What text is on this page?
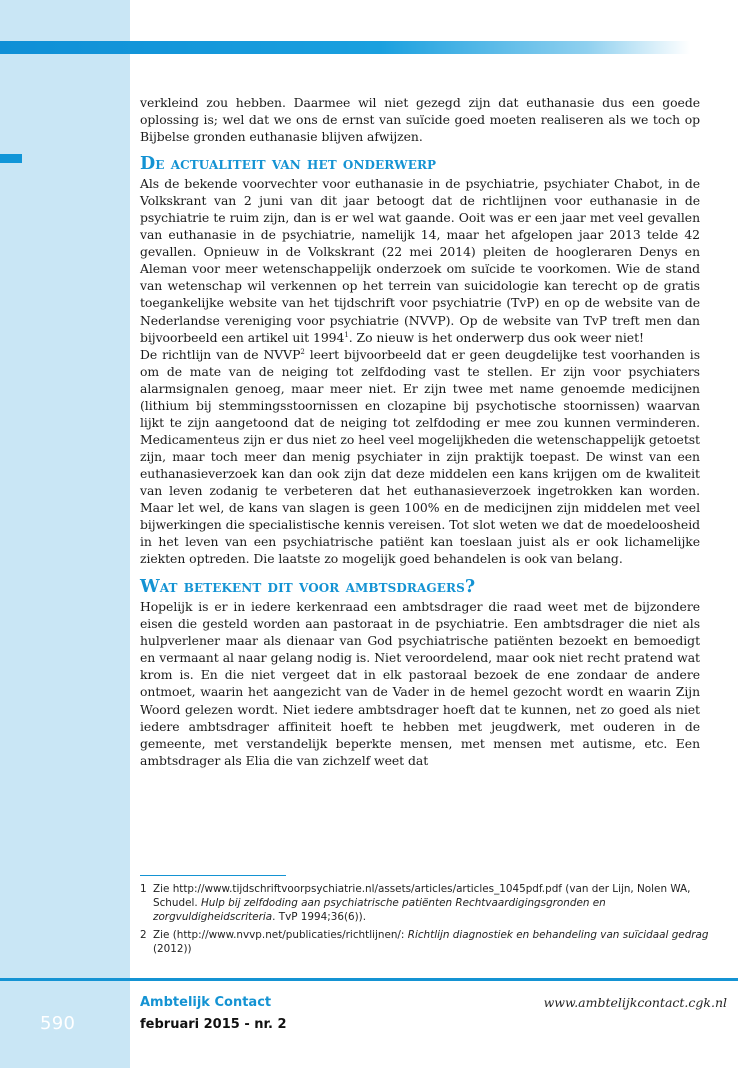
verkleind zou hebben. Daarmee wil niet gezegd zijn dat euthanasie dus een goede oplossing is; wel dat we ons de ernst van suïcide goed moeten realiseren als we toch op Bijbelse gronden euthanasie blijven afwijzen.

De actualiteit van het onderwerp

Als de bekende voorvechter voor euthanasie in de psychiatrie, psychiater Chabot, in de Volkskrant van 2 juni van dit jaar betoogt dat de richtlijnen voor euthanasie in de psychiatrie te ruim zijn, dan is er wel wat gaande. Ooit was er een jaar met veel gevallen van euthanasie in de psychiatrie, namelijk 14, maar het afgelopen jaar 2013 telde 42 gevallen. Opnieuw in de Volkskrant (22 mei 2014) pleiten de hoogleraren Denys en Aleman voor meer wetenschappelijk onderzoek om suïcide te voorkomen. Wie de stand van wetenschap wil verkennen op het terrein van suicidologie kan terecht op de gratis toegankelijke website van het tijdschrift voor psychiatrie (TvP) en op de website van de Nederlandse vereniging voor psychiatrie (NVVP). Op de website van TvP treft men dan bijvoorbeeld een artikel uit 1994$^1$. Zo nieuw is het onderwerp dus ook weer niet!

De richtlijn van de NVVP$^2$ leert bijvoorbeeld dat er geen deugdelijke test voorhanden is om de mate van de neiging tot zelfdoding vast te stellen. Er zijn voor psychiaters alarmsignalen genoeg, maar meer niet. Er zijn twee met name genoemde medicijnen (lithium bij stemmingsstoornissen en clozapine bij psychotische stoornissen) waarvan lijkt te zijn aangetoond dat de neiging tot zelfdoding er mee zou kunnen verminderen. Medicamenteus zijn er dus niet zo heel veel mogelijkheden die wetenschappelijk getoetst zijn, maar toch meer dan menig psychiater in zijn praktijk toepast. De winst van een euthanasieverzoek kan dan ook zijn dat deze middelen een kans krijgen om de kwaliteit van leven zodanig te verbeteren dat het euthanasieverzoek ingetrokken kan worden. Maar let wel, de kans van slagen is geen 100% en de medicijnen zijn middelen met veel bijwerkingen die specialistische kennis vereisen. Tot slot weten we dat de moedeloosheid in het leven van een psychiatrische patiënt kan toeslaan juist als er ook lichamelijke ziekten optreden. Die laatste zo mogelijk goed behandelen is ook van belang.

Wat betekent dit voor ambtsdragers?

Hopelijk is er in iedere kerkenraad een ambtsdrager die raad weet met de bijzondere eisen die gesteld worden aan pastoraat in de psychiatrie. Een ambtsdrager die niet als hulpverlener maar als dienaar van God psychiatrische patiënten bezoekt en bemoedigt en vermaant al naar gelang nodig is. Niet veroordelend, maar ook niet recht pratend wat krom is. En die niet vergeet dat in elk pastoraal bezoek de ene zondaar de andere ontmoet, waarin het aangezicht van de Vader in de hemel gezocht wordt en waarin Zijn Woord gelezen wordt. Niet iedere ambtsdrager hoeft dat te kunnen, net zo goed als niet iedere ambtsdrager affiniteit hoeft te hebben met jeugdwerk, met ouderen in de gemeente, met verstandelijk beperkte mensen, met mensen met autisme, etc. Een ambtsdrager als Elia die van zichzelf weet dat

1 Zie http://www.tijdschriftvoorpsychiatrie.nl/assets/articles/articles_1045pdf.pdf (van der Lijn, Nolen WA, Schudel. Hulp bij zelfdoding aan psychiatrische patiënten Rechtvaardigingsgronden en zorgvuldigheidscriteria. TvP 1994;36(6)).
2 Zie (http://www.nvvp.net/publicaties/richtlijnen/: Richtlijn diagnostiek en behandeling van suïcidaal gedrag (2012))
590
Ambtelijk Contact
februari 2015 - nr. 2
www.ambtelijkcontact.cgk.nl
